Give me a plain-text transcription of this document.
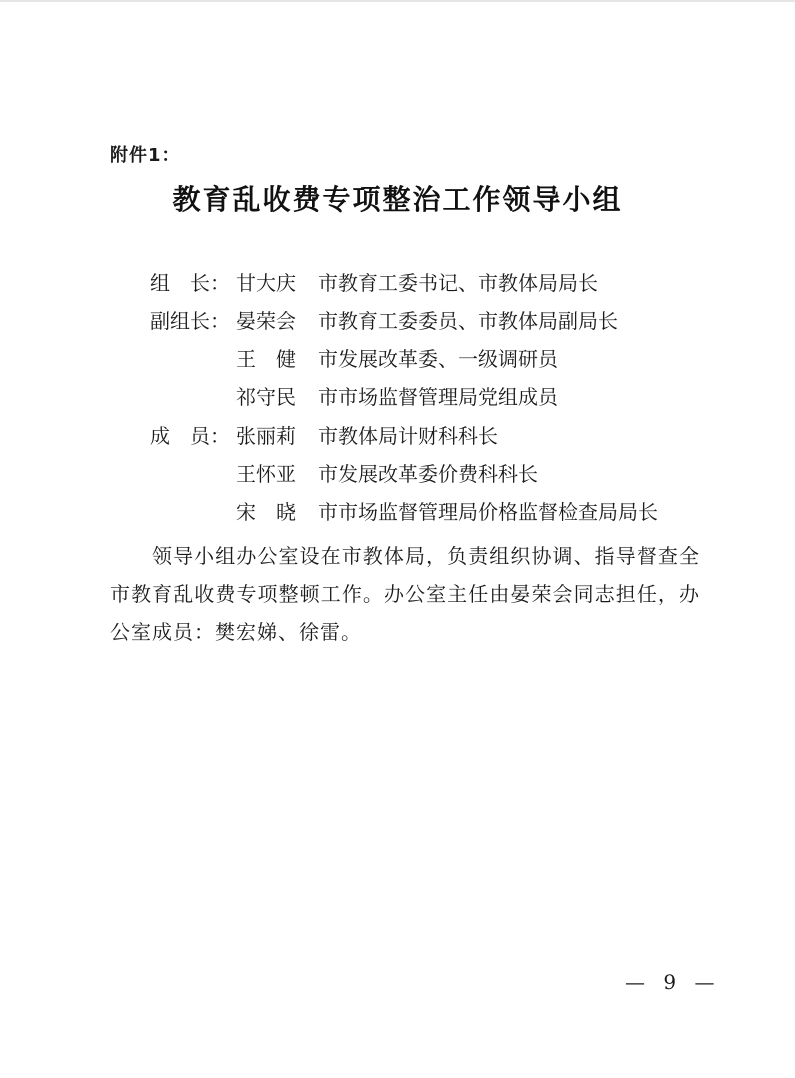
附件1：
教育乱收费专项整治工作领导小组
组　长： 甘大庆	市教育工委书记、市教体局局长
副组长： 晏荣会	市教育工委委员、市教体局副局长
王　健	市发展改革委、一级调研员
祁守民	市市场监督管理局党组成员
成　员： 张丽莉	市教体局计财科科长
王怀亚	市发展改革委价费科科长
宋　晓	市市场监督管理局价格监督检查局局长
领导小组办公室设在市教体局，负责组织协调、指导督查全市教育乱收费专项整顿工作。办公室主任由晏荣会同志担任，办公室成员：樊宏娣、徐雷。
— 9 —
